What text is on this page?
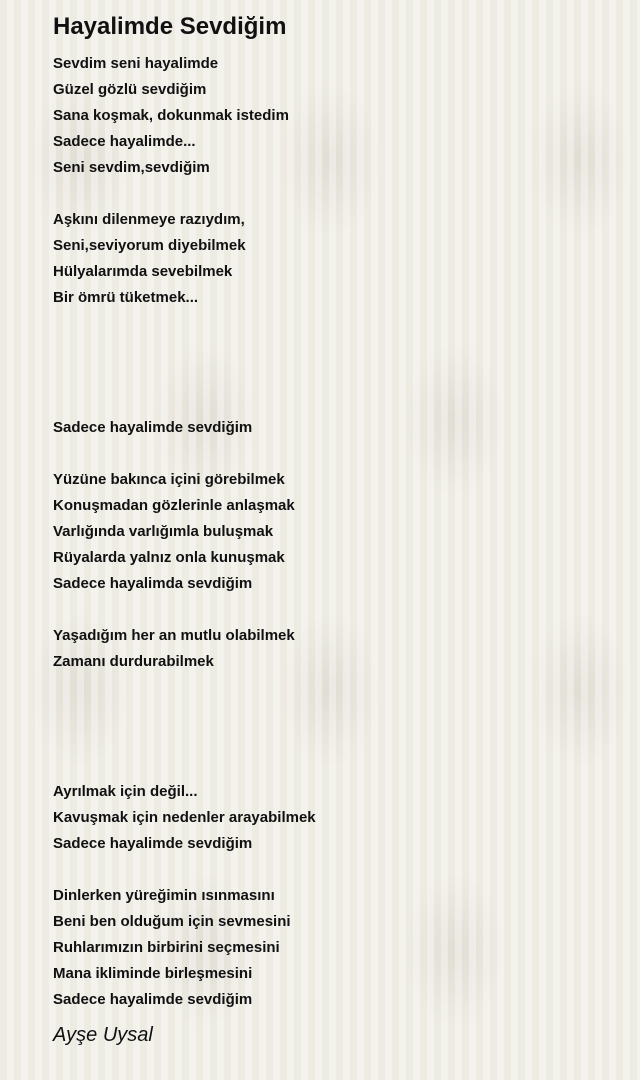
Hayalimde Sevdiğim
Sevdim seni hayalimde
Güzel gözlü sevdiğim
Sana koşmak, dokunmak istedim
Sadece hayalimde...
Seni sevdim,sevdiğim
Aşkını dilenmeye razıydım,
Seni,seviyorum diyebilmek
Hülyalarımda sevebilmek
Bir ömrü tüketmek...
Sadece hayalimde sevdiğim
Yüzüne bakınca içini görebilmek
Konuşmadan gözlerinle anlaşmak
Varlığında varlığımla buluşmak
Rüyalarda yalnız onla kunuşmak
Sadece hayalimda sevdiğim
Yaşadığım her an mutlu olabilmek
Zamanı durdurabilmek
Ayrılmak için değil...
Kavuşmak için nedenler arayabilmek
Sadece hayalimde sevdiğim
Dinlerken yüreğimin ısınmasını
Beni ben olduğum için sevmesini
Ruhlarımızın birbirini seçmesini
Mana ikliminde birleşmesini
Sadece hayalimde sevdiğim
Ayşe Uysal
